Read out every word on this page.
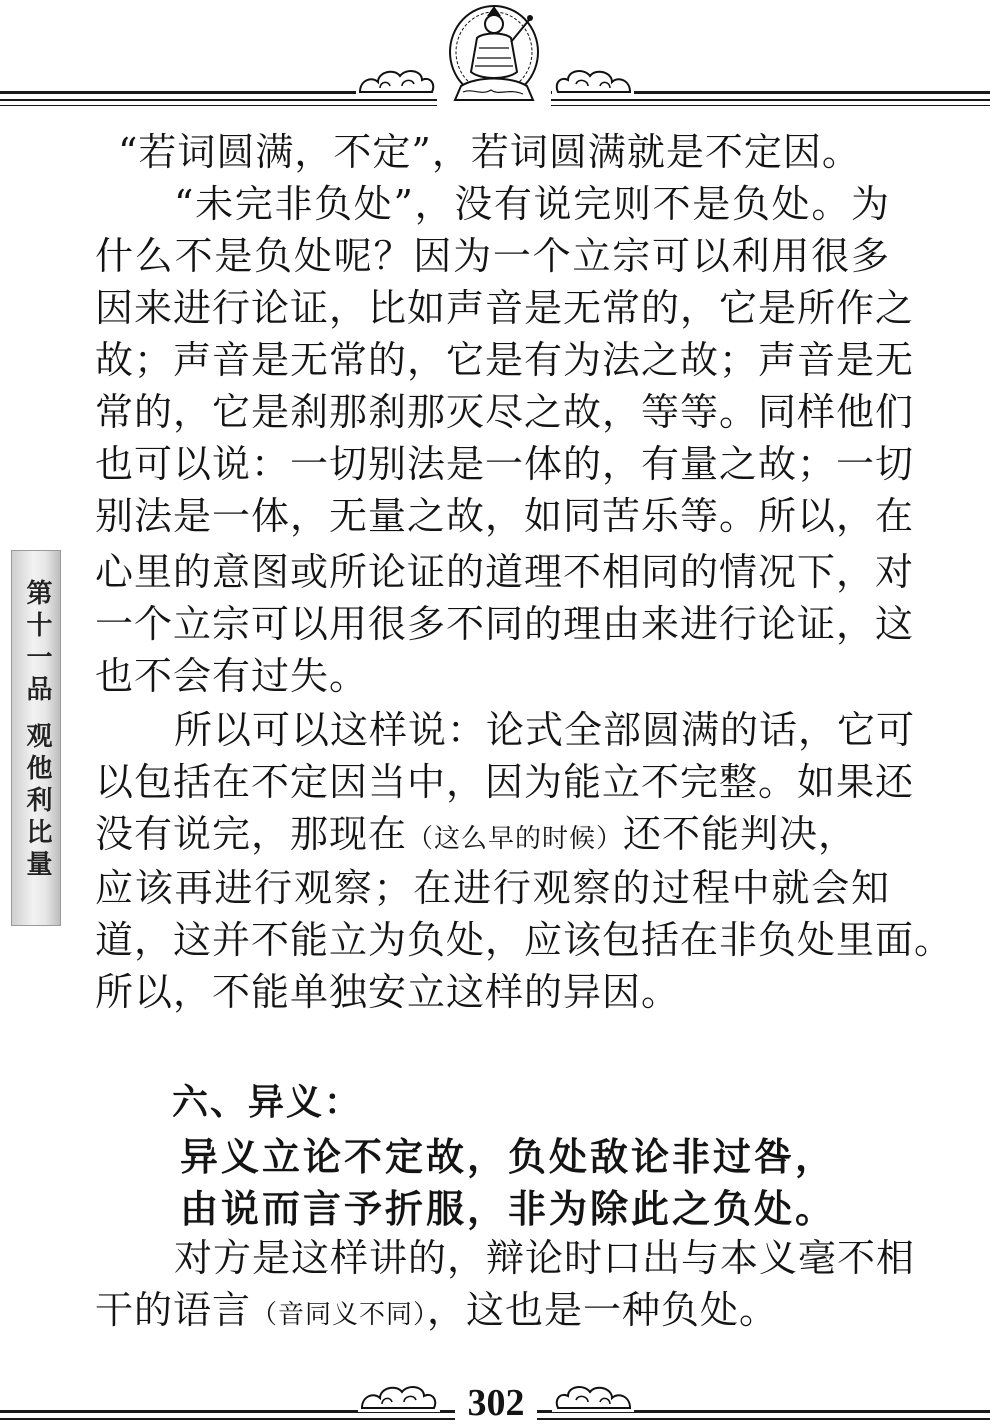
第十一品 观他利比量
“若词圆满，不定”，若词圆满就是不定因。
“未完非负处”，没有说完则不是负处。为
什么不是负处呢？因为一个立宗可以利用很多
因来进行论证，比如声音是无常的，它是所作之
故；声音是无常的，它是有为法之故；声音是无
常的，它是刹那刹那灭尽之故，等等。同样他们
也可以说：一切别法是一体的，有量之故；一切
别法是一体，无量之故，如同苦乐等。所以，在
心里的意图或所论证的道理不相同的情况下，对
一个立宗可以用很多不同的理由来进行论证，这
也不会有过失。
所以可以这样说：论式全部圆满的话，它可
以包括在不定因当中，因为能立不完整。如果还
没有说完，那现在（这么早的时候）还不能判决，
应该再进行观察；在进行观察的过程中就会知
道，这并不能立为负处，应该包括在非负处里面。
所以，不能单独安立这样的异因。
六、异义：
异义立论不定故，负处敌论非过咎，
由说而言予折服，非为除此之负处。
对方是这样讲的，辩论时口出与本义毫不相
干的语言（音同义不同），这也是一种负处。
302
